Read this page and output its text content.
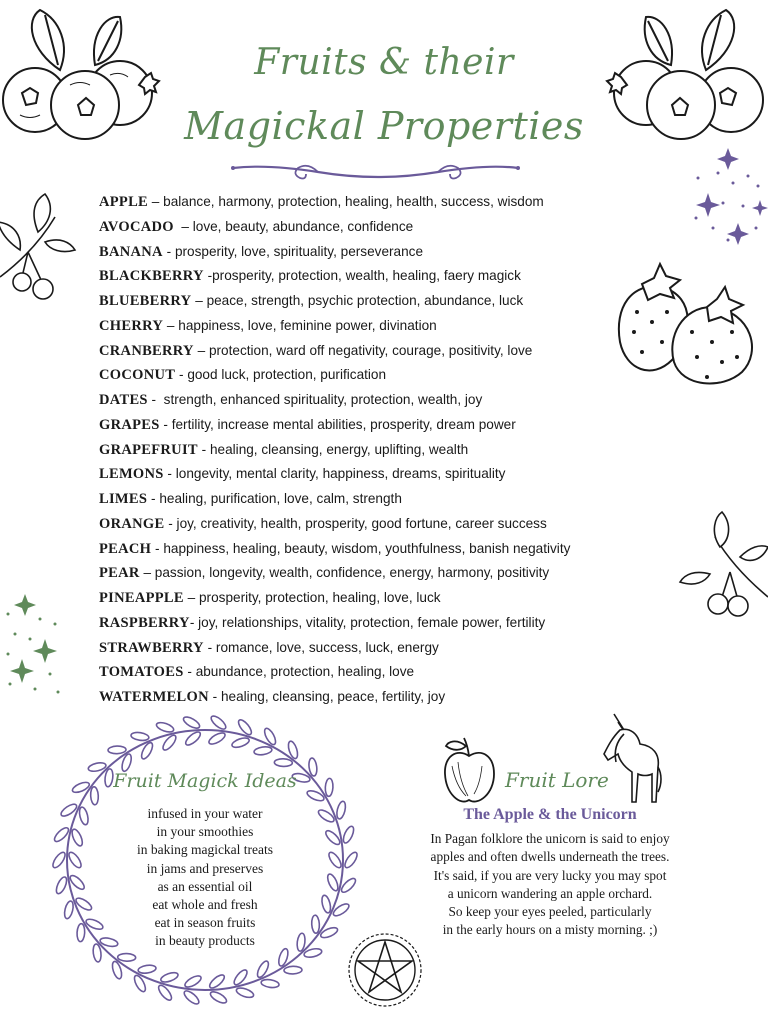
Fruits & their
Magickal Properties
APPLE – balance, harmony, protection, healing, health, success, wisdom
AVOCADO  – love, beauty, abundance, confidence
BANANA - prosperity, love, spirituality, perseverance
BLACKBERRY -prosperity, protection, wealth, healing, faery magick
BLUEBERRY – peace, strength, psychic protection, abundance, luck
CHERRY – happiness, love, feminine power, divination
CRANBERRY – protection, ward off negativity, courage, positivity, love
COCONUT - good luck, protection, purification
DATES -  strength, enhanced spirituality, protection, wealth, joy
GRAPES - fertility, increase mental abilities, prosperity, dream power
GRAPEFRUIT - healing, cleansing, energy, uplifting, wealth
LEMONS - longevity, mental clarity, happiness, dreams, spirituality
LIMES - healing, purification, love, calm, strength
ORANGE - joy, creativity, health, prosperity, good fortune, career success
PEACH - happiness, healing, beauty, wisdom, youthfulness, banish negativity
PEAR – passion, longevity, wealth, confidence, energy, harmony, positivity
PINEAPPLE – prosperity, protection, healing, love, luck
RASPBERRY- joy, relationships, vitality, protection, female power, fertility
STRAWBERRY - romance, love, success, luck, energy
TOMATOES - abundance, protection, healing, love
WATERMELON - healing, cleansing, peace, fertility, joy
Fruit Magick Ideas
infused in your water
in your smoothies
in baking magickal treats
in jams and preserves
as an essential oil
eat whole and fresh
eat in season fruits
in beauty products
Fruit Lore
The Apple & the Unicorn
In Pagan folklore the unicorn is said to enjoy
apples and often dwells underneath the trees.
It's said, if you are very lucky you may spot
a unicorn wandering an apple orchard.
So keep your eyes peeled, particularly
in the early hours on a misty morning. ;)
